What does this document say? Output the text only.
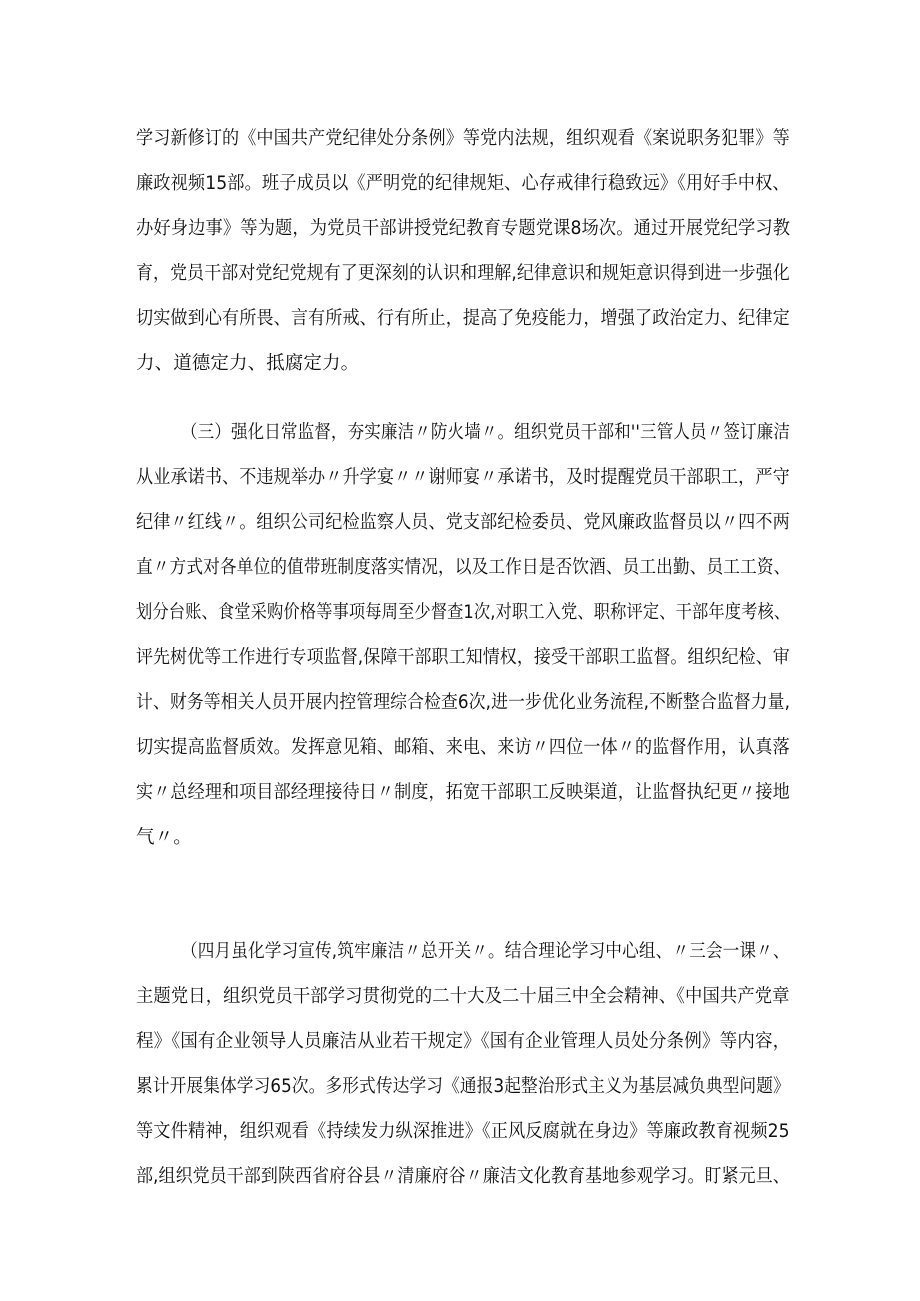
学习新修订的《中国共产党纪律处分条例》等党内法规，组织观看《案说职务犯罪》等
廉政视频15部。班子成员以《严明党的纪律规矩、心存戒律行稳致远》《用好手中权、
办好身边事》等为题，为党员干部讲授党纪教育专题党课8场次。通过开展党纪学习教
育，党员干部对党纪党规有了更深刻的认识和理解,纪律意识和规矩意识得到进一步强化
切实做到心有所畏、言有所戒、行有所止，提高了免疫能力，增强了政治定力、纪律定
力、道德定力、抵腐定力。
（三）强化日常监督，夯实廉洁〃防火墙〃。组织党员干部和''三管人员〃签订廉洁
从业承诺书、不违规举办〃升学宴〃〃谢师宴〃承诺书，及时提醒党员干部职工，严守
纪律〃红线〃。组织公司纪检监察人员、党支部纪检委员、党风廉政监督员以〃四不两
直〃方式对各单位的值带班制度落实情况，以及工作日是否饮酒、员工出勤、员工工资、
划分台账、食堂采购价格等事项每周至少督查1次,对职工入党、职称评定、干部年度考核、
评先树优等工作进行专项监督,保障干部职工知情权，接受干部职工监督。组织纪检、审
计、财务等相关人员开展内控管理综合检查6次,进一步优化业务流程,不断整合监督力量,
切实提高监督质效。发挥意见箱、邮箱、来电、来访〃四位一体〃的监督作用，认真落
实〃总经理和项目部经理接待日〃制度，拓宽干部职工反映渠道，让监督执纪更〃接地
气〃。
（四月虽化学习宣传,筑牢廉洁〃总开关〃。结合理论学习中心组、〃三会一课〃、
主题党日，组织党员干部学习贯彻党的二十大及二十届三中全会精神、《中国共产党章
程》《国有企业领导人员廉洁从业若干规定》《国有企业管理人员处分条例》等内容，
累计开展集体学习65次。多形式传达学习《通报3起整治形式主义为基层减负典型问题》
等文件精神，组织观看《持续发力纵深推进》《正风反腐就在身边》等廉政教育视频25
部,组织党员干部到陕西省府谷县〃清廉府谷〃廉洁文化教育基地参观学习。盯紧元旦、
